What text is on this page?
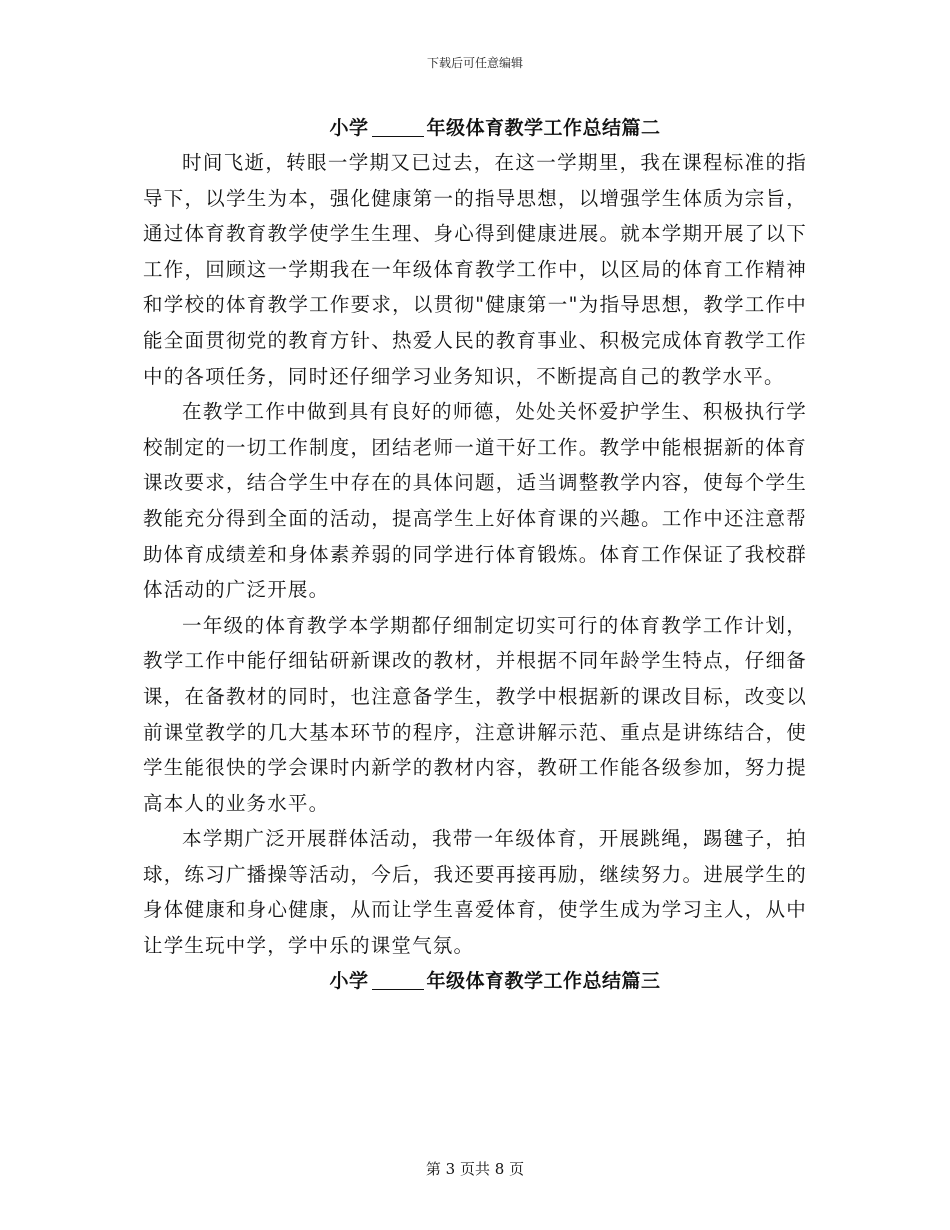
下载后可任意编辑
小学	年级体育教学工作总结篇二

时间飞逝，转眼一学期又已过去，在这一学期里，我在课程标准的指导下，以学生为本，强化健康第一的指导思想，以增强学生体质为宗旨，通过体育教育教学使学生生理、身心得到健康进展。就本学期开展了以下工作，回顾这一学期我在一年级体育教学工作中，以区局的体育工作精神和学校的体育教学工作要求，以贯彻"健康第一"为指导思想，教学工作中能全面贯彻党的教育方针、热爱人民的教育事业、积极完成体育教学工作中的各项任务，同时还仔细学习业务知识，不断提高自己的教学水平。

在教学工作中做到具有良好的师德，处处关怀爱护学生、积极执行学校制定的一切工作制度，团结老师一道干好工作。教学中能根据新的体育课改要求，结合学生中存在的具体问题，适当调整教学内容，使每个学生教能充分得到全面的活动，提高学生上好体育课的兴趣。工作中还注意帮助体育成绩差和身体素养弱的同学进行体育锻炼。体育工作保证了我校群体活动的广泛开展。

一年级的体育教学本学期都仔细制定切实可行的体育教学工作计划，教学工作中能仔细钻研新课改的教材，并根据不同年龄学生特点，仔细备课，在备教材的同时，也注意备学生，教学中根据新的课改目标，改变以前课堂教学的几大基本环节的程序，注意讲解示范、重点是讲练结合，使学生能很快的学会课时内新学的教材内容，教研工作能各级参加，努力提高本人的业务水平。

本学期广泛开展群体活动，我带一年级体育，开展跳绳，踢毽子，拍球，练习广播操等活动，今后，我还要再接再励，继续努力。进展学生的身体健康和身心健康，从而让学生喜爱体育，使学生成为学习主人，从中让学生玩中学，学中乐的课堂气氛。

小学	年级体育教学工作总结篇三
第 3 页共 8 页
